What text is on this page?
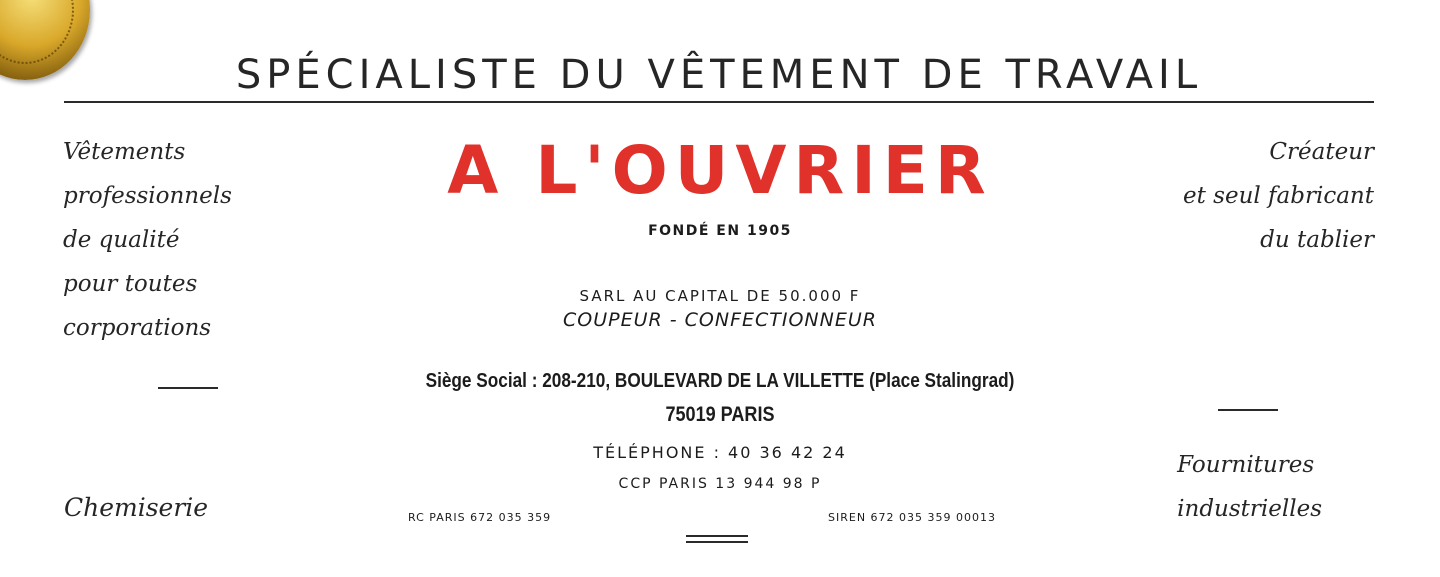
SPÉCIALISTE DU VÊTEMENT DE TRAVAIL
Vêtements
professionnels
de qualité
pour toutes
corporations
Chemiserie
Créateur
et seul fabricant
du tablier
Fournitures
industrielles
A L'OUVRIER
FONDÉ EN 1905
SARL AU CAPITAL DE 50.000 F
COUPEUR - CONFECTIONNEUR
Siège Social : 208-210, BOULEVARD DE LA VILLETTE (Place Stalingrad)
75019 PARIS
TÉLÉPHONE : 40 36 42 24
CCP PARIS 13 944 98 P
RC PARIS 672 035 359	SIREN 672 035 359 00013
